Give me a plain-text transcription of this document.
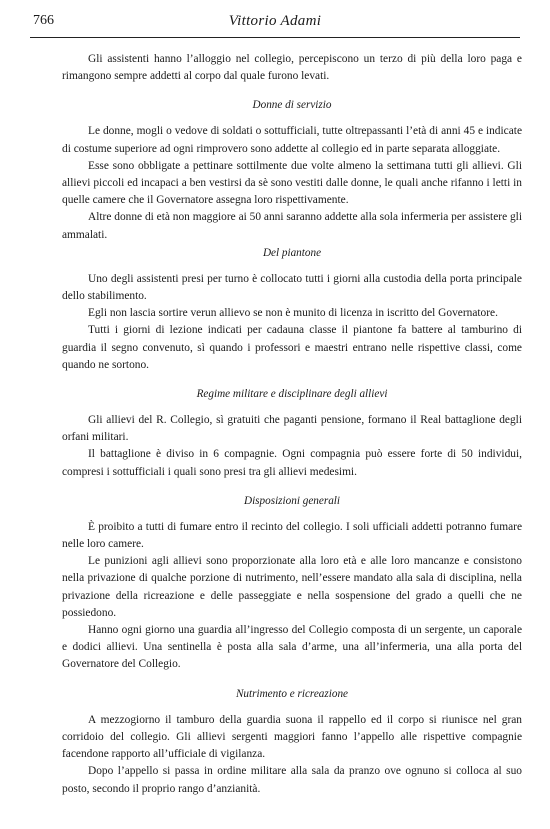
766	Vittorio Adami

Gli assistenti hanno l’alloggio nel collegio, percepiscono un terzo di più della loro paga e rimangono sempre addetti al corpo dal quale furono levati.

Donne di servizio

Le donne, mogli o vedove di soldati o sottufficiali, tutte oltrepassanti l’età di anni 45 e indicate di costume superiore ad ogni rimprovero sono addette al collegio ed in parte separata alloggiate.

Esse sono obbligate a pettinare sottilmente due volte almeno la settimana tutti gli allievi. Gli allievi piccoli ed incapaci a ben vestirsi da sè sono vestiti dalle donne, le quali anche rifanno i letti in quelle camere che il Governatore assegna loro rispettivamente.

Altre donne di età non maggiore ai 50 anni saranno addette alla sola infermeria per assistere gli ammalati.

Del piantone

Uno degli assistenti presi per turno è collocato tutti i giorni alla custodia della porta principale dello stabilimento.

Egli non lascia sortire verun allievo se non è munito di licenza in iscritto del Governatore.

Tutti i giorni di lezione indicati per cadauna classe il piantone fa battere al tamburino di guardia il segno convenuto, sì quando i professori e maestri entrano nelle rispettive classi, come quando ne sortono.

Regime militare e disciplinare degli allievi

Gli allievi del R. Collegio, sì gratuiti che paganti pensione, formano il Real battaglione degli orfani militari.

Il battaglione è diviso in 6 compagnie. Ogni compagnia può essere forte di 50 individui, compresi i sottufficiali i quali sono presi tra gli allievi medesimi.

Disposizioni generali

È proibito a tutti di fumare entro il recinto del collegio. I soli ufficiali addetti potranno fumare nelle loro camere.

Le punizioni agli allievi sono proporzionate alla loro età e alle loro mancanze e consistono nella privazione di qualche porzione di nutrimento, nell’essere mandato alla sala di disciplina, nella privazione della ricreazione e delle passeggiate e nella sospensione del grado a quelli che ne possiedono.

Hanno ogni giorno una guardia all’ingresso del Collegio composta di un sergente, un caporale e dodici allievi. Una sentinella è posta alla sala d’arme, una all’infermeria, una alla porta del Governatore del Collegio.

Nutrimento e ricreazione

A mezzogiorno il tamburo della guardia suona il rappello ed il corpo si riunisce nel gran corridoio del collegio. Gli allievi sergenti maggiori fanno l’appello alle rispettive compagnie facendone rapporto all’ufficiale di vigilanza.

Dopo l’appello si passa in ordine militare alla sala da pranzo ove ognuno si colloca al suo posto, secondo il proprio rango d’anzianità.
